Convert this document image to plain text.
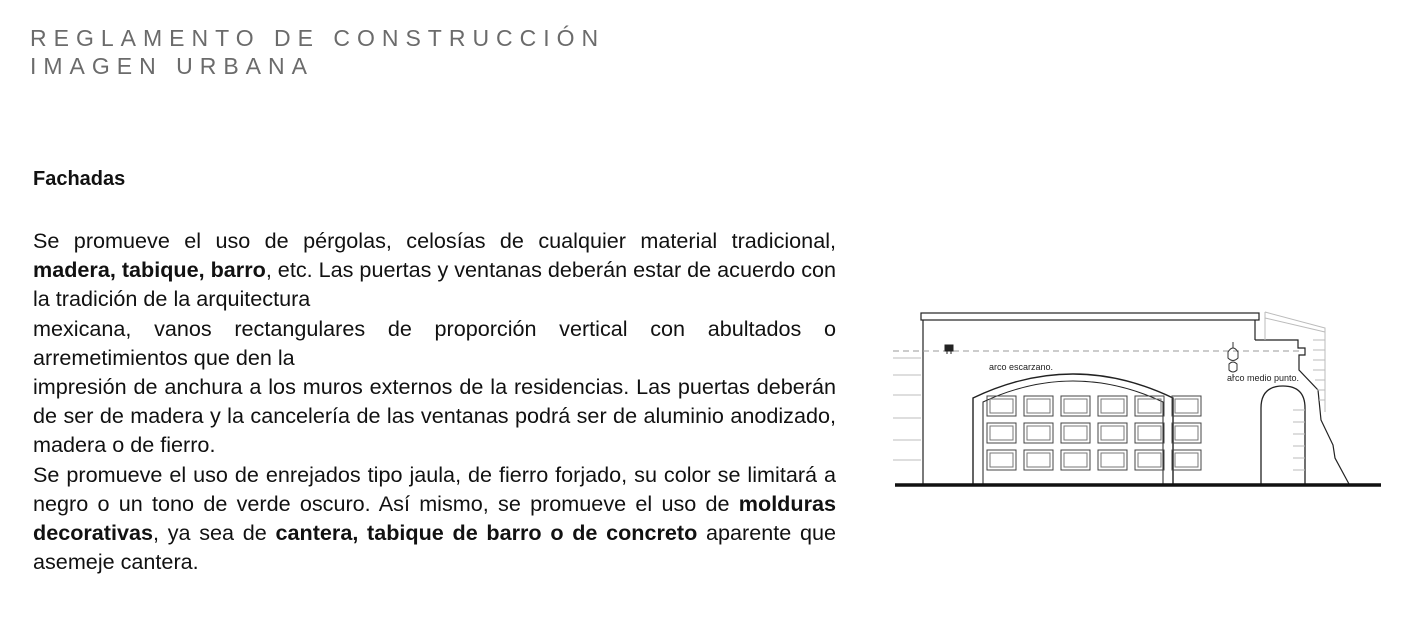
REGLAMENTO DE CONSTRUCCIÓN
IMAGEN URBANA
Fachadas

Se promueve el uso de pérgolas, celosías de cualquier material tradicional, madera, tabique, barro, etc. Las puertas y ventanas deberán estar de acuerdo con la tradición de la arquitectura

mexicana, vanos rectangulares de proporción vertical con abultados o arremetimientos que den la

impresión de anchura a los muros externos de la residencias. Las puertas deberán de ser de madera y la cancelería de las ventanas podrá ser de aluminio anodizado, madera o de fierro.

Se promueve el uso de enrejados tipo jaula, de fierro forjado, su color se limitará a negro o un tono de verde oscuro. Así mismo, se promueve el uso de molduras decorativas, ya sea de cantera, tabique de barro o de concreto aparente que asemeje cantera.

arco escarzano.
arco medio punto.
